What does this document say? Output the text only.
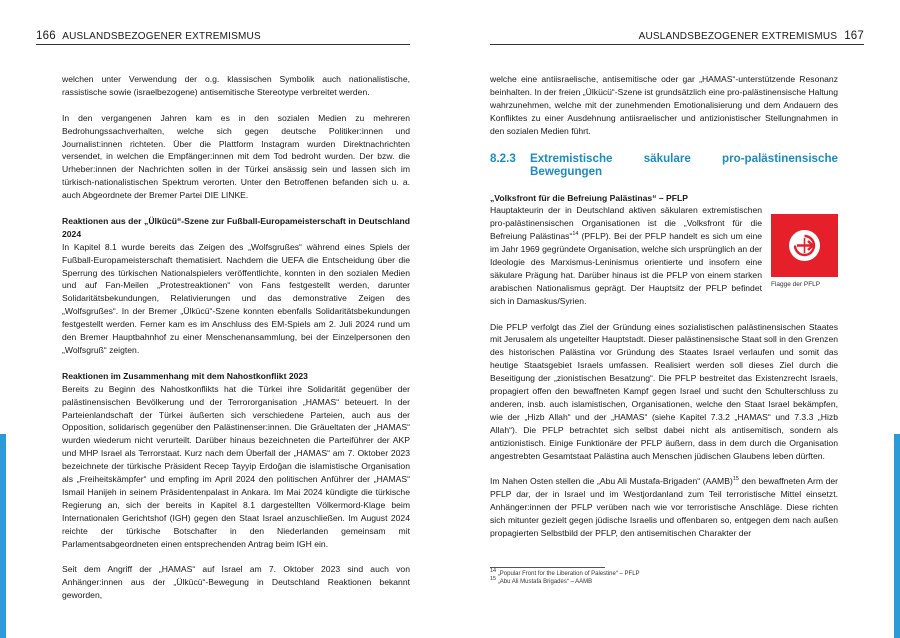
166 AUSLANDSBEZOGENER EXTREMISMUS

welchen unter Verwendung der o.g. klassischen Symbolik auch nationalistische, rassistische sowie (israelbezogene) antisemitische Stereotype verbreitet werden.

In den vergangenen Jahren kam es in den sozialen Medien zu mehreren Bedrohungssachverhalten, welche sich gegen deutsche Politiker:innen und Journalist:innen richteten. Über die Plattform Instagram wurden Direktnachrichten versendet, in welchen die Empfänger:innen mit dem Tod bedroht wurden. Der bzw. die Urheber:innen der Nachrichten sollen in der Türkei ansässig sein und lassen sich im türkisch-nationalistischen Spektrum verorten. Unter den Betroffenen befanden sich u. a. auch Abgeordnete der Bremer Partei DIE LINKE.

Reaktionen aus der „Ülkücü“-Szene zur Fußball-Europameisterschaft in Deutschland 2024

In Kapitel 8.1 wurde bereits das Zeigen des „Wolfsgrußes“ während eines Spiels der Fußball-Europameisterschaft thematisiert. Nachdem die UEFA die Entscheidung über die Sperrung des türkischen Nationalspielers veröffentlichte, konnten in den sozialen Medien und auf Fan-Meilen „Protestreaktionen“ von Fans festgestellt werden, darunter Solidaritätsbekundungen, Relativierungen und das demonstrative Zeigen des „Wolfsgrußes“. In der Bremer „Ülkücü“-Szene konnten ebenfalls Solidaritätsbekundungen festgestellt werden. Ferner kam es im Anschluss des EM-Spiels am 2. Juli 2024 rund um den Bremer Hauptbahnhof zu einer Menschenansammlung, bei der Einzelpersonen den „Wolfsgruß“ zeigten.

Reaktionen im Zusammenhang mit dem Nahostkonflikt 2023

Bereits zu Beginn des Nahostkonflikts hat die Türkei ihre Solidarität gegenüber der palästinensischen Bevölkerung und der Terrororganisation „HAMAS“ beteuert. In der Parteienlandschaft der Türkei äußerten sich verschiedene Parteien, auch aus der Opposition, solidarisch gegenüber den Palästinenser:innen. Die Gräueltaten der „HAMAS“ wurden wiederum nicht verurteilt. Darüber hinaus bezeichneten die Parteiführer der AKP und MHP Israel als Terrorstaat. Kurz nach dem Überfall der „HAMAS“ am 7. Oktober 2023 bezeichnete der türkische Präsident Recep Tayyip Erdoğan die islamistische Organisation als „Freiheitskämpfer“ und empfing im April 2024 den politischen Anführer der „HAMAS“ Ismail Hanijeh in seinem Präsidentenpalast in Ankara. Im Mai 2024 kündigte die türkische Regierung an, sich der bereits in Kapitel 8.1 dargestellten Völkermord-Klage beim Internationalen Gerichtshof (IGH) gegen den Staat Israel anzuschließen. Im August 2024 reichte der türkische Botschafter in den Niederlanden gemeinsam mit Parlamentsabgeordneten einen entsprechenden Antrag beim IGH ein.

Seit dem Angriff der „HAMAS“ auf Israel am 7. Oktober 2023 sind auch von Anhänger:innen aus der „Ülkücü“-Bewegung in Deutschland Reaktionen bekannt geworden,

AUSLANDSBEZOGENER EXTREMISMUS 167

welche eine antiisraelische, antisemitische oder gar „HAMAS“-unterstützende Resonanz beinhalten. In der freien „Ülkücü“-Szene ist grundsätzlich eine pro-palästinensische Haltung wahrzunehmen, welche mit der zunehmenden Emotionalisierung und dem Andauern des Konfliktes zu einer Ausdehnung antiisraelischer und antizionistischer Stellungnahmen in den sozialen Medien führt.

8.2.3	Extremistische säkulare pro-palästinensische Bewegungen
„Volksfront für die Befreiung Palästinas“ – PFLP

Hauptakteurin der in Deutschland aktiven säkularen extremistischen pro-palästinensischen Organisationen ist die „Volksfront für die Befreiung Palästinas“$^{14}$ (PFLP). Bei der PFLP handelt es sich um eine im Jahr 1969 gegründete Organisation, welche sich ursprünglich an der Ideologie des Marxismus-Leninismus orientierte und insofern eine säkulare Prägung hat. Darüber hinaus ist die PFLP von einem starken arabischen Nationalismus geprägt. Der Hauptsitz der PFLP befindet sich in Damaskus/Syrien.

Die PFLP verfolgt das Ziel der Gründung eines sozialistischen palästinensischen Staates mit Jerusalem als ungeteilter Hauptstadt. Dieser palästinensische Staat soll in den Grenzen des historischen Palästina vor Gründung des Staates Israel verlaufen und somit das heutige Staatsgebiet Israels umfassen. Realisiert werden soll dieses Ziel durch die Beseitigung der „zionistischen Besatzung“. Die PFLP bestreitet das Existenzrecht Israels, propagiert offen den bewaffneten Kampf gegen Israel und sucht den Schulterschluss zu anderen, insb. auch islamistischen, Organisationen, welche den Staat Israel bekämpfen, wie der „Hizb Allah“ und der „HAMAS“ (siehe Kapitel 7.3.2 „HAMAS“ und 7.3.3 „Hizb Allah“). Die PFLP betrachtet sich selbst dabei nicht als antisemitisch, sondern als antizionistisch. Einige Funktionäre der PFLP äußern, dass in dem durch die Organisation angestrebten Gesamtstaat Palästina auch Menschen jüdischen Glaubens leben dürften.

Im Nahen Osten stellen die „Abu Ali Mustafa-Brigaden“ (AAMB)$^{15}$ den bewaffneten Arm der PFLP dar, der in Israel und im Westjordanland zum Teil terroristische Mittel einsetzt. Anhänger:innen der PFLP verüben nach wie vor terroristische Anschläge. Diese richten sich mitunter gezielt gegen jüdische Israelis und offenbaren so, entgegen dem nach außen propagierten Selbstbild der PFLP, den antisemitischen Charakter der

Flagge der PFLP
$^{14}$ „Popular Front for the Liberation of Palestine“ – PFLP
$^{15}$ „Abu Ali Mustafa Brigades“ – AAMB
